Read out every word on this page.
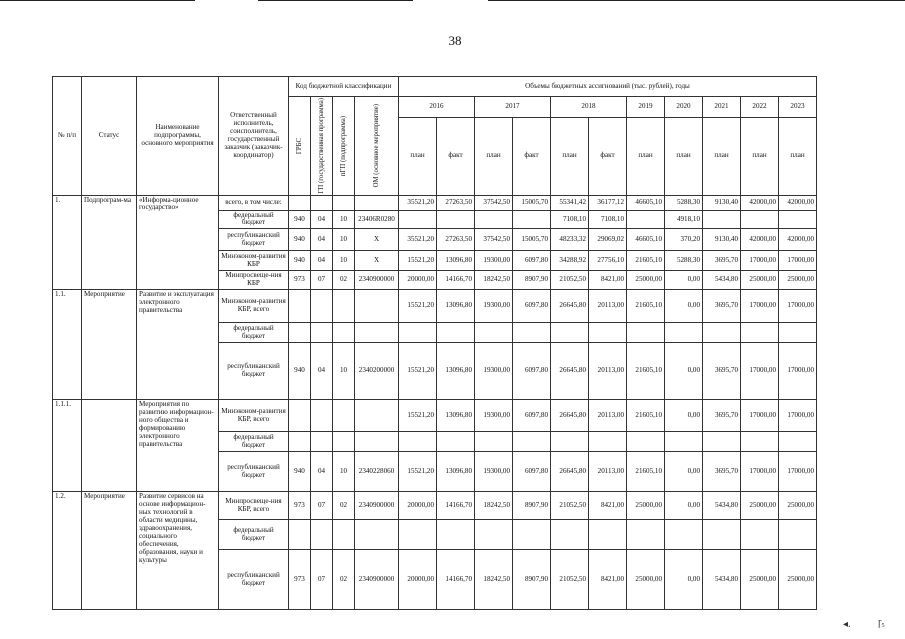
38
№ п/п	Статус	Наименование подпрограммы, основного мероприятия	Ответственный исполнитель, соисполнитель, государственный заказчик (заказчик-координатор)	Код бюджетной классификации				Объемы бюджетных ассигнований (тыс. рублей), годы										

				ГРБС	ГП (государственная программа)	пГП (подпрограмма)	ОМ (основное мероприятие)	2016		2017		2018		2019	2020	2021	2022	2023
								план	факт	план	факт	план	факт	план	план	план	план	план
1.	Подпрограм-ма	«Информа-ционное государство»	всего, в том числе:					35521,20	27263,50	37542,50	15005,70	55341,42	36177,12	46605,10	5288,30	9130,40	42000,00	42000,00
			федеральный бюджет	940	04	10	23406R0280					7108,10	7108,10		4918,10			
			республиканский бюджет	940	04	10	Х	35521,20	27263,50	37542,50	15005,70	48233,32	29069,02	46605,10	370,20	9130,40	42000,00	42000,00
			Минэконом-развития КБР	940	04	10	Х	15521,20	13096,80	19300,00	6097,80	34288,92	27756,10	21605,10	5288,30	3695,70	17000,00	17000,00
			Минпросвеще-ния КБР	973	07	02	2340900000	20000,00	14166,70	18242,50	8907,90	21052,50	8421,00	25000,00	0,00	5434,80	25000,00	25000,00
1.1.	Мероприятие	Развитие и эксплуатация электронного правительства	Минэконом-развития КБР, всего					15521,20	13096,80	19300,00	6097,80	26645,80	20113,00	21605,10	0,00	3695,70	17000,00	17000,00
			федеральный бюджет															
			республиканский бюджет	940	04	10	2340200000	15521,20	13096,80	19300,00	6097,80	26645,80	20113,00	21605,10	0,00	3695,70	17000,00	17000,00
1.1.1.		Мероприятия по развитию информацион-ного общества и формированию электронного правительства	Минэконом-развития КБР, всего					15521,20	13096,80	19300,00	6097,80	26645,80	20113,00	21605,10	0,00	3695,70	17000,00	17000,00
			федеральный бюджет															
			республиканский бюджет	940	04	10	2340228060	15521,20	13096,80	19300,00	6097,80	26645,80	20113,00	21605,10	0,00	3695,70	17000,00	17000,00
1.2.	Мероприятие	Развитие сервисов на основе информацион-ных технологий в области медицины, здравоохранения, социального обеспечения, образования, науки и культуры	Минпросвеще-ния КБР, всего	973	07	02	2340900000	20000,00	14166,70	18242,50	8907,90	21052,50	8421,00	25000,00	0,00	5434,80	25000,00	25000,00
			федеральный бюджет															
			республиканский бюджет	973	07	02	2340900000	20000,00	14166,70	18242,50	8907,90	21052,50	8421,00	25000,00	0,00	5434,80	25000,00	25000,00
◂.	ɼ₅
